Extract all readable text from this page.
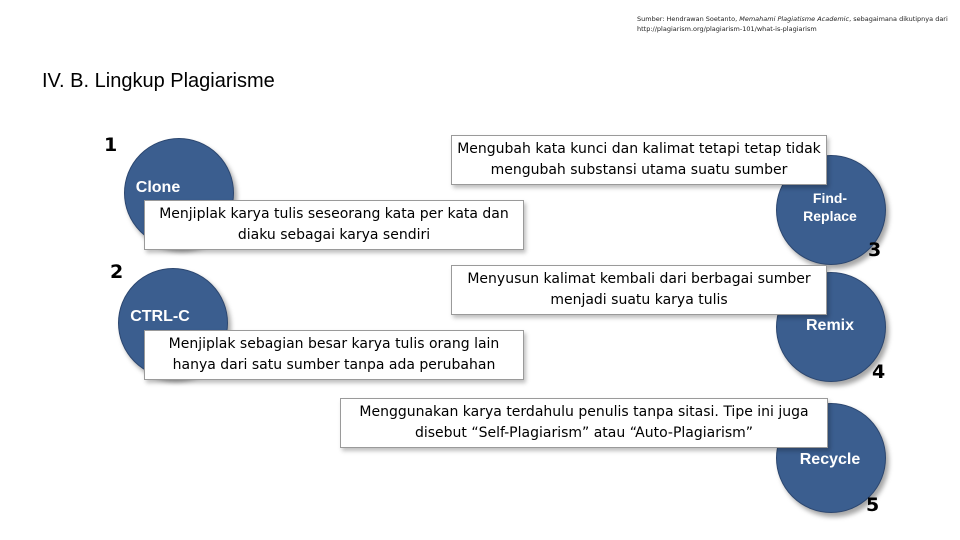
Sumber: Hendrawan Soetanto, Memahami Plagiatisme Academic, sebagaimana dikutipnya dari http://plagiarism.org/plagiarism-101/what-is-plagiarism
IV. B. Lingkup Plagiarisme
Clone
1
Menjiplak karya tulis seseorang kata per kata dan diaku sebagai karya sendiri
CTRL-C
2
Menjiplak sebagian besar karya tulis orang lain hanya dari satu sumber tanpa ada perubahan
Find-Replace
3
Mengubah kata kunci dan kalimat tetapi tetap tidak mengubah substansi utama suatu sumber
Remix
4
Menyusun kalimat kembali dari berbagai sumber menjadi suatu karya tulis
Recycle
5
Menggunakan karya terdahulu penulis tanpa sitasi. Tipe ini juga disebut “Self-Plagiarism” atau “Auto-Plagiarism”
